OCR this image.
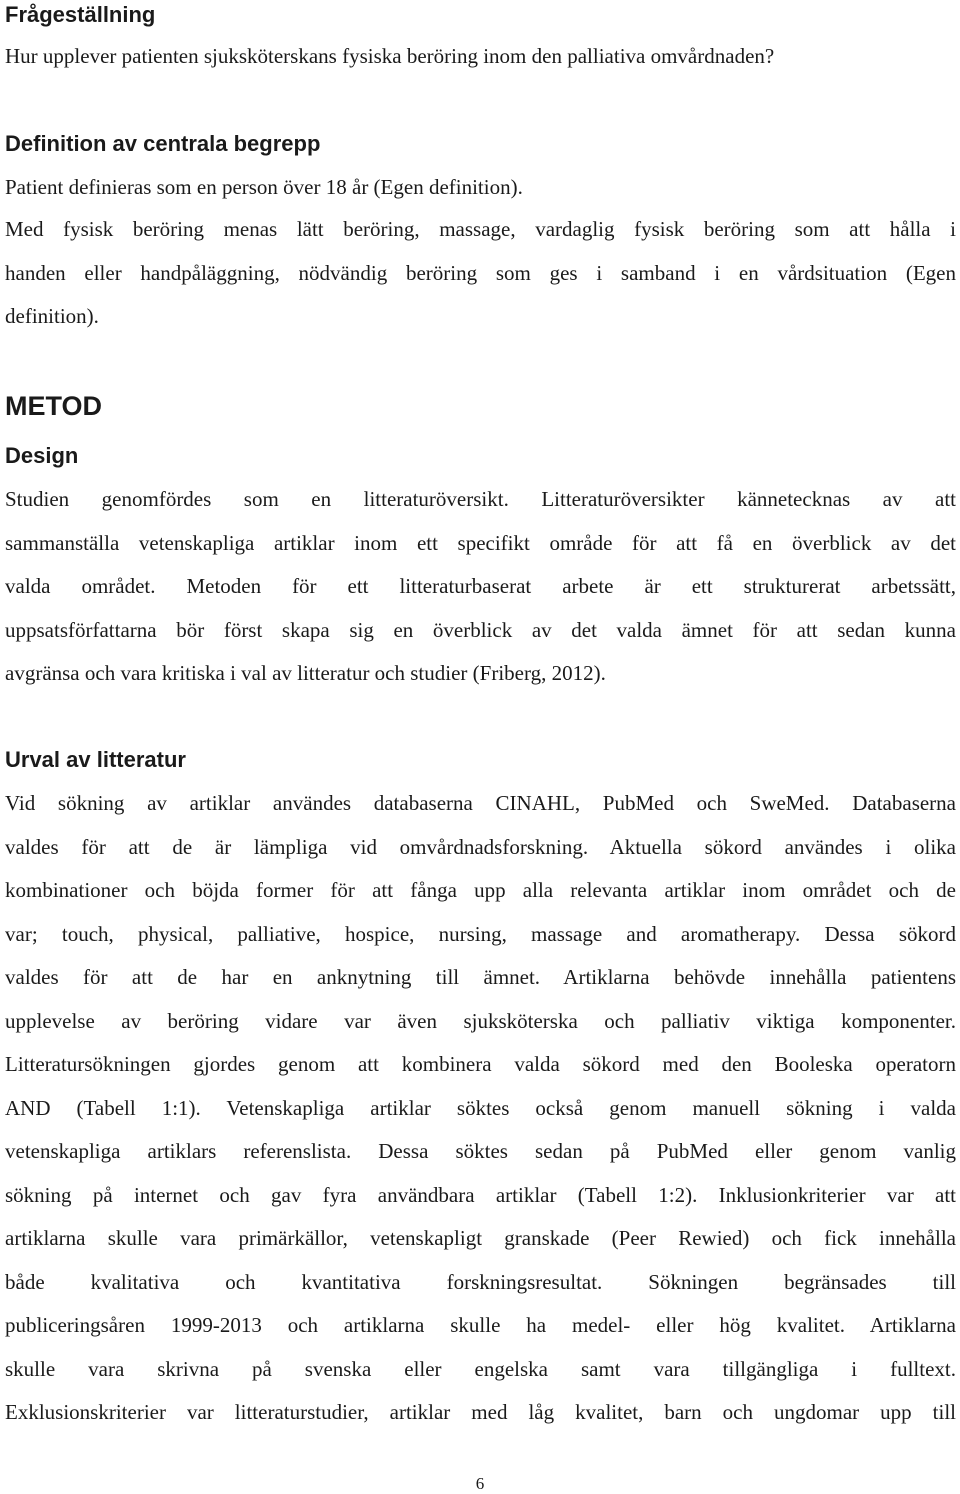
Frågeställning

Hur upplever patienten sjuksköterskans fysiska beröring inom den palliativa omvårdnaden?

Definition av centrala begrepp

Patient definieras som en person över 18 år (Egen definition).

Med fysisk beröring menas lätt beröring, massage, vardaglig fysisk beröring som att hålla i
handen eller handpåläggning, nödvändig beröring som ges i samband i en vårdsituation (Egen
definition).
METOD
Design
Studien genomfördes som en litteraturöversikt. Litteraturöversikter kännetecknas av att
sammanställa vetenskapliga artiklar inom ett specifikt område för att få en överblick av det
valda området. Metoden för ett litteraturbaserat arbete är ett strukturerat arbetssätt,
uppsatsförfattarna bör först skapa sig en överblick av det valda ämnet för att sedan kunna
avgränsa och vara kritiska i val av litteratur och studier (Friberg, 2012).
Urval av litteratur
Vid sökning av artiklar användes databaserna CINAHL, PubMed och SweMed. Databaserna
valdes för att de är lämpliga vid omvårdnadsforskning. Aktuella sökord användes i olika
kombinationer och böjda former för att fånga upp alla relevanta artiklar inom området och de
var; touch, physical, palliative, hospice, nursing, massage and aromatherapy. Dessa sökord
valdes för att de har en anknytning till ämnet. Artiklarna behövde innehålla patientens
upplevelse av beröring vidare var även sjuksköterska och palliativ viktiga komponenter.
Litteratursökningen gjordes genom att kombinera valda sökord med den Booleska operatorn
AND (Tabell 1:1). Vetenskapliga artiklar söktes också genom manuell sökning i valda
vetenskapliga artiklars referenslista. Dessa söktes sedan på PubMed eller genom vanlig
sökning på internet och gav fyra användbara artiklar (Tabell 1:2). Inklusionkriterier var att
artiklarna skulle vara primärkällor, vetenskapligt granskade (Peer Rewied) och fick innehålla
både kvalitativa och kvantitativa forskningsresultat. Sökningen begränsades till
publiceringsåren 1999-2013 och artiklarna skulle ha medel- eller hög kvalitet. Artiklarna
skulle vara skrivna på svenska eller engelska samt vara tillgängliga i fulltext.
Exklusionskriterier var litteraturstudier, artiklar med låg kvalitet, barn och ungdomar upp till
6
